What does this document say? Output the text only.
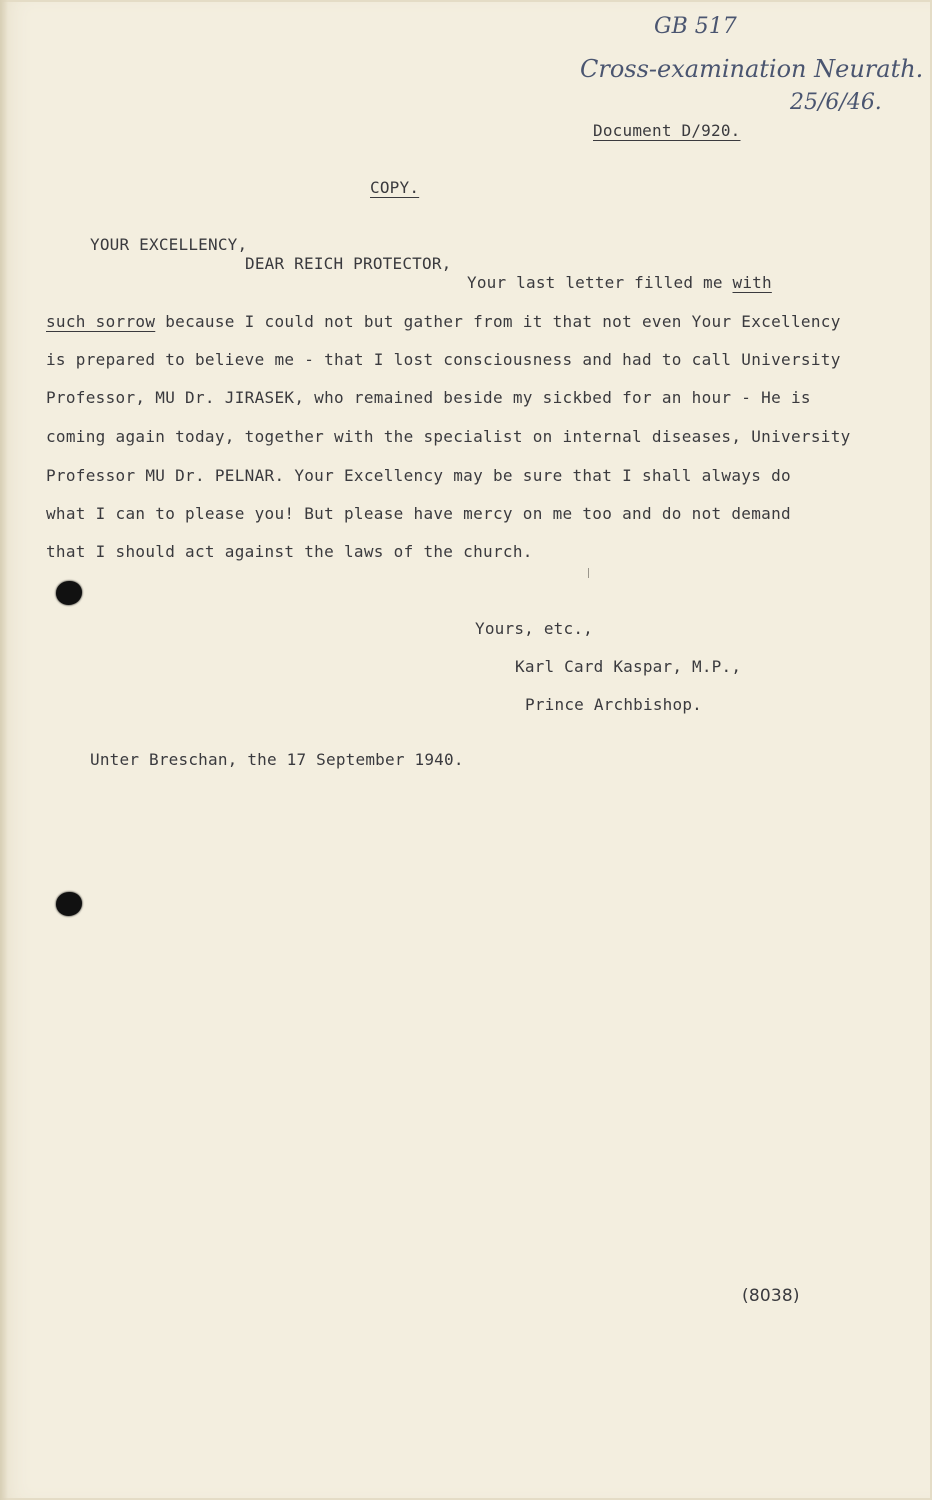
GB 517
Cross-examination Neurath.
25/6/46.
Document D/920.
COPY.
YOUR EXCELLENCY,
DEAR REICH PROTECTOR,
Your last letter filled me with
such sorrow because I could not but gather from it that not even Your Excellency
is prepared to believe me - that I lost consciousness and had to call University
Professor, MU Dr. JIRASEK, who remained beside my sickbed for an hour - He is
coming again today, together with the specialist on internal diseases, University
Professor MU Dr. PELNAR. Your Excellency may be sure that I shall always do
what I can to please you! But please have mercy on me too and do not demand
that I should act against the laws of the church.
Yours, etc.,
Karl Card Kaspar, M.P.,
Prince Archbishop.
Unter Breschan, the 17 September 1940.
(8038)
